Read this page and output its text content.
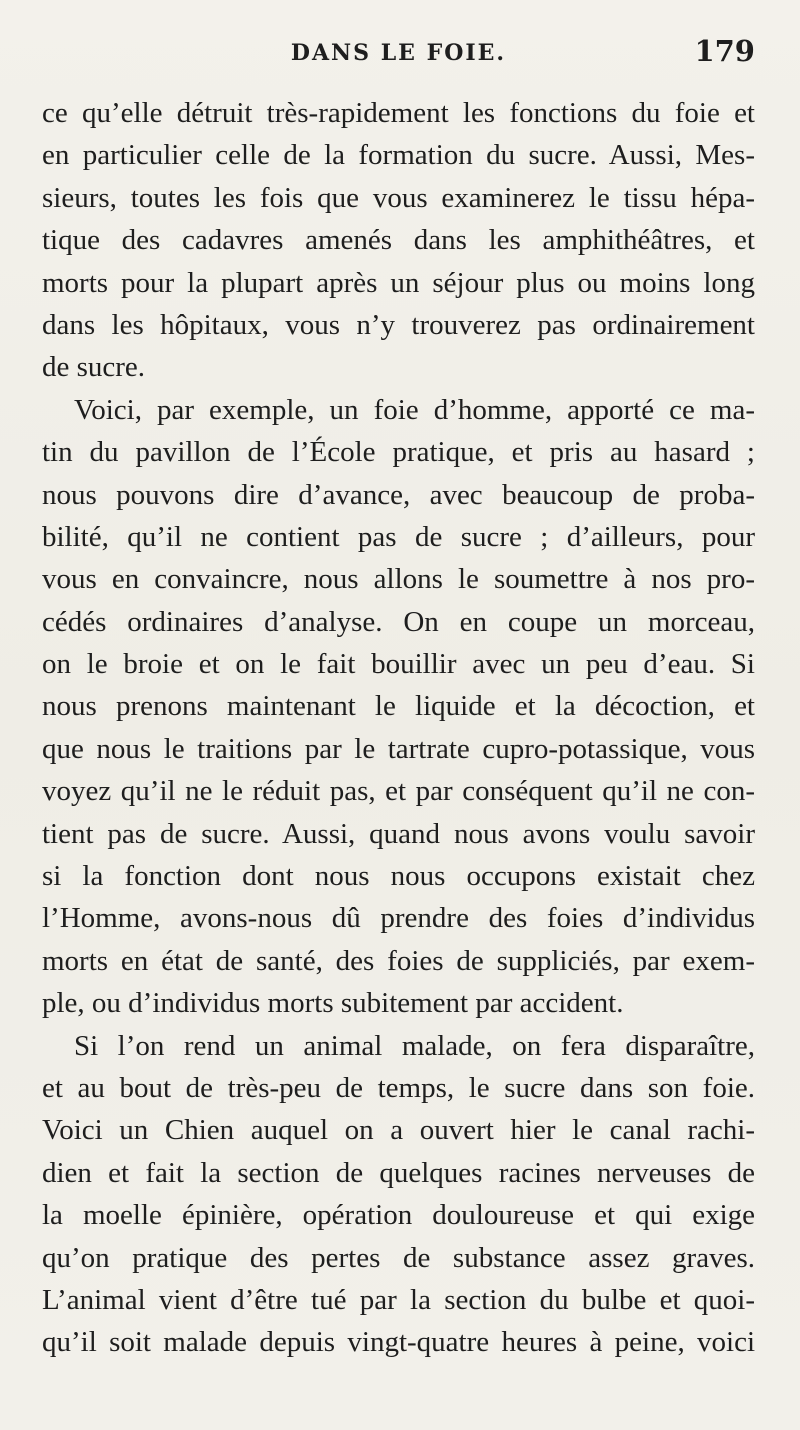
DANS LE FOIE.	179
ce qu’elle détruit très-rapidement les fonctions du foie et
en particulier celle de la formation du sucre. Aussi, Mes-
sieurs, toutes les fois que vous examinerez le tissu hépa-
tique des cadavres amenés dans les amphithéâtres, et
morts pour la plupart après un séjour plus ou moins long
dans les hôpitaux, vous n’y trouverez pas ordinairement
de sucre.
Voici, par exemple, un foie d’homme, apporté ce ma-
tin du pavillon de l’École pratique, et pris au hasard ;
nous pouvons dire d’avance, avec beaucoup de proba-
bilité, qu’il ne contient pas de sucre ; d’ailleurs, pour
vous en convaincre, nous allons le soumettre à nos pro-
cédés ordinaires d’analyse. On en coupe un morceau,
on le broie et on le fait bouillir avec un peu d’eau. Si
nous prenons maintenant le liquide et la décoction, et
que nous le traitions par le tartrate cupro-potassique, vous
voyez qu’il ne le réduit pas, et par conséquent qu’il ne con-
tient pas de sucre. Aussi, quand nous avons voulu savoir
si la fonction dont nous nous occupons existait chez
l’Homme, avons-nous dû prendre des foies d’individus
morts en état de santé, des foies de suppliciés, par exem-
ple, ou d’individus morts subitement par accident.
Si l’on rend un animal malade, on fera disparaître,
et au bout de très-peu de temps, le sucre dans son foie.
Voici un Chien auquel on a ouvert hier le canal rachi-
dien et fait la section de quelques racines nerveuses de
la moelle épinière, opération douloureuse et qui exige
qu’on pratique des pertes de substance assez graves.
L’animal vient d’être tué par la section du bulbe et quoi-
qu’il soit malade depuis vingt-quatre heures à peine, voici
